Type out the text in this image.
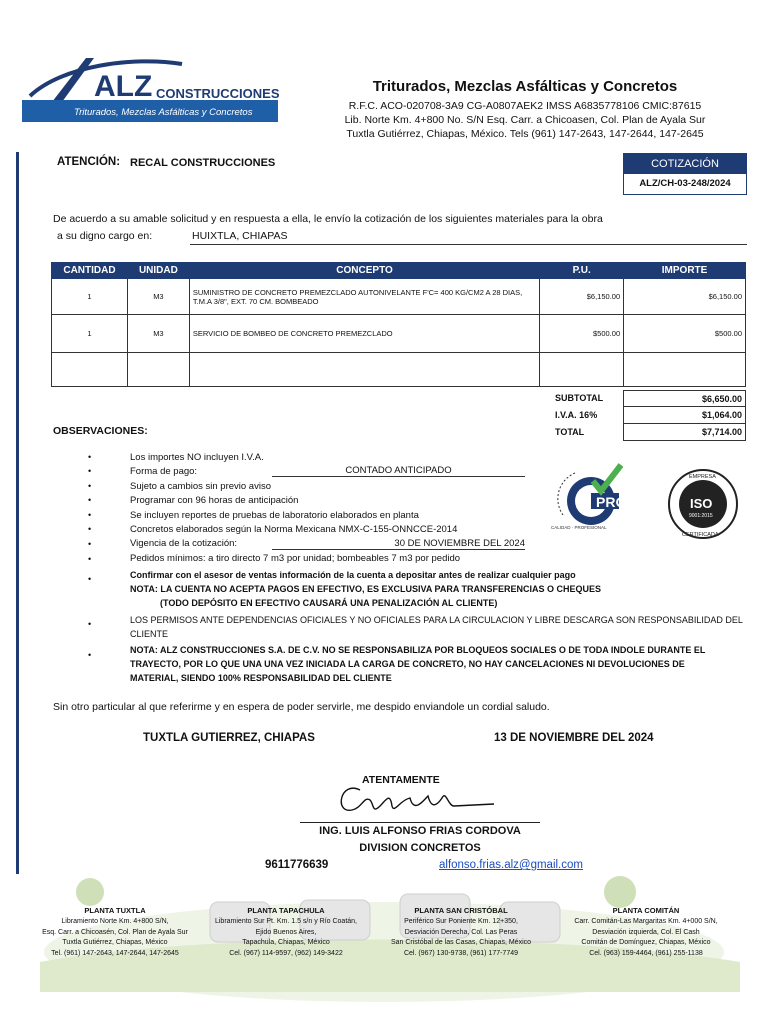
ALZ CONSTRUCCIONES
Triturados, Mezclas Asfálticas y Concretos
Triturados, Mezclas Asfálticas y Concretos
R.F.C. ACO-020708-3A9 CG-A0807AEK2 IMSS A6835778106 CMIC:87615
Lib. Norte Km. 4+800 No. S/N Esq. Carr. a Chicoasen, Col. Plan de Ayala Sur
Tuxtla Gutiérrez, Chiapas, México. Tels (961) 147-2643, 147-2644, 147-2645
ATENCIÓN: RECAL CONSTRUCCIONES	COTIZACIÓN
ALZ/CH-03-248/2024
De acuerdo a su amable solicitud y en respuesta a ella, le envío la cotización de los siguientes materiales para la obra
a su digno cargo en:	HUIXTLA, CHIAPAS
CANTIDAD	UNIDAD	CONCEPTO	P.U.	IMPORTE
1	M3	SUMINISTRO DE CONCRETO PREMEZCLADO AUTONIVELANTE F'C= 400 KG/CM2 A 28 DIAS, T.M.A 3/8", EXT. 70 CM. BOMBEADO	$6,150.00	$6,150.00
1	M3	SERVICIO DE BOMBEO DE CONCRETO PREMEZCLADO	$500.00	$500.00

SUBTOTAL	$6,650.00
I.V.A. 16%	$1,064.00
TOTAL	$7,714.00
OBSERVACIONES:
•	Los importes NO incluyen I.V.A.
•	Forma de pago:	CONTADO ANTICIPADO
•	Sujeto a cambios sin previo aviso
•	Programar con 96 horas de anticipación
•	Se incluyen reportes de pruebas de laboratorio elaborados en planta
•	Concretos elaborados según la Norma Mexicana NMX-C-155-ONNCCE-2014
•	Vigencia de la cotización:	30 DE NOVIEMBRE DEL 2024
•	Pedidos mínimos: a tiro directo 7 m3 por unidad; bombeables 7 m3 por pedido
•	Confirmar con el asesor de ventas información de la cuenta a depositar antes de realizar cualquier pago
NOTA: LA CUENTA NO ACEPTA PAGOS EN EFECTIVO, ES EXCLUSIVA PARA TRANSFERENCIAS O CHEQUES
(TODO DEPÓSITO EN EFECTIVO CAUSARÁ UNA PENALIZACIÓN AL CLIENTE)
•	LOS PERMISOS ANTE DEPENDENCIAS OFICIALES Y NO OFICIALES PARA LA CIRCULACION Y LIBRE DESCARGA SON RESPONSABILIDAD DEL
CLIENTE
•	NOTA: ALZ CONSTRUCCIONES S.A. DE C.V. NO SE RESPONSABILIZA POR BLOQUEOS SOCIALES O DE TODA INDOLE DURANTE EL
TRAYECTO, POR LO QUE UNA UNA VEZ INICIADA LA CARGA DE CONCRETO, NO HAY CANCELACIONES NI DEVOLUCIONES DE
MATERIAL, SIENDO 100% RESPONSABILIDAD DEL CLIENTE
PRO
CALIDAD · PROFESIONAL
ISO
9001:2015
EMPRESA
CERTIFICADA
Sin otro particular al que referirme y en espera de poder servirle, me despido enviandole un cordial saludo.
TUXTLA GUTIERREZ, CHIAPAS	13 DE NOVIEMBRE DEL 2024
ATENTAMENTE
ING. LUIS ALFONSO FRIAS CORDOVA
DIVISION CONCRETOS
9611776639	alfonso.frias.alz@gmail.com
PLANTA TUXTLA
Libramiento Norte Km. 4+800 S/N,
Esq. Carr. a Chicoasén, Col. Plan de Ayala Sur
Tuxtla Gutiérrez, Chiapas, México
Tel. (961) 147-2643, 147-2644, 147-2645
PLANTA TAPACHULA
Libramiento Sur Pt. Km. 1.5 s/n y Río Coatán,
Ejido Buenos Aires,
Tapachula, Chiapas, México
Cel. (967) 114-9597, (962) 149-3422
PLANTA SAN CRISTÓBAL
Periférico Sur Poniente Km. 12+350,
Desviación Derecha, Col. Las Peras
San Cristóbal de las Casas, Chiapas, México
Cel. (967) 130-9738, (961) 177-7749
PLANTA COMITÁN
Carr. Comitán-Las Margaritas Km. 4+000 S/N,
Desviación izquierda, Col. El Cash
Comitán de Domínguez, Chiapas, México
Cel. (963) 159-4464, (961) 255-1138
